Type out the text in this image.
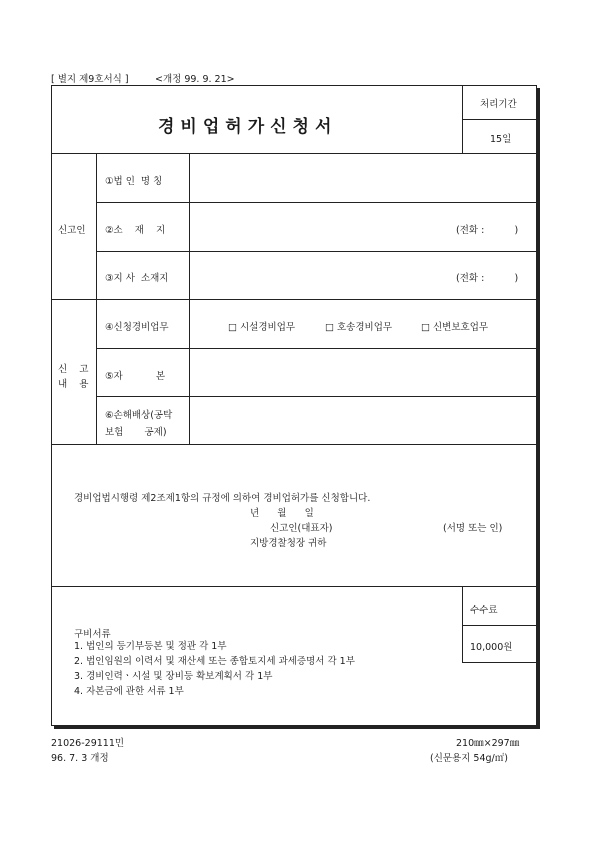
[ 별지 제9호서식 ]	<개정 99. 9. 21>
경비업허가신청서
처리기간
15일
신고인
①법 인  명 칭
②소    재    지	(전화 :          )
③지 사  소재지	(전화 :          )
신    고
내    용
④신청경비업무	□ 시설경비업무	□ 호송경비업무	□ 신변보호업무
⑤자           본
⑥손해배상(공탁
보험       공제)
경비업법시행령 제2조제1항의 규정에 의하여 경비업허가를 신청합니다.
년      월      일
신고인(대표자)	(서명 또는 인)
지방경찰청장 귀하
구비서류
1. 법인의 등기부등본 및 정관 각 1부
2. 법인임원의 이력서 및 재산세 또는 종합토지세 과세증명서 각 1부
3. 경비인력ㆍ시설 및 장비등 확보계획서 각 1부
4. 자본금에 관한 서류 1부
수수료
10,000원
21026-29111민
96. 7. 3 개정
210㎜×297㎜
(신문용지 54g/㎡)
